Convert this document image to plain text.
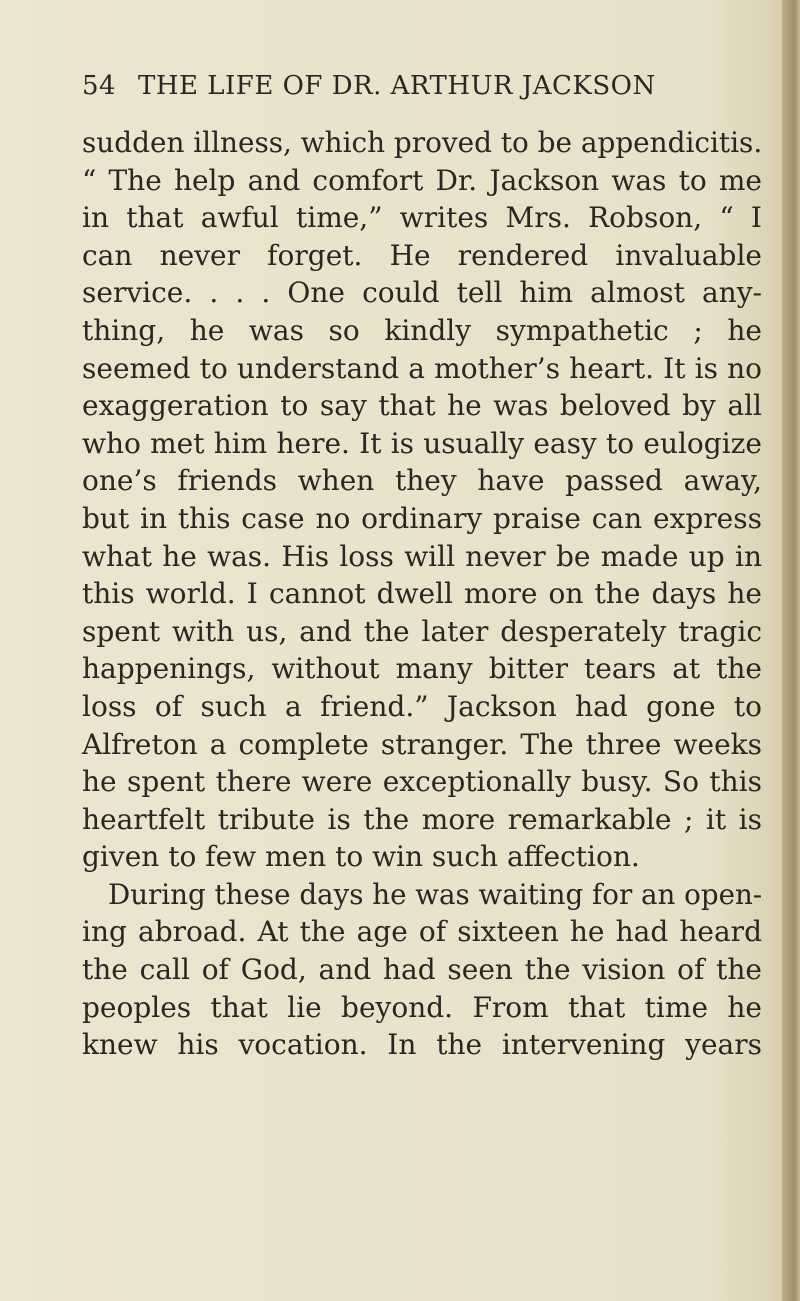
54 THE LIFE OF DR. ARTHUR JACKSON
sudden illness, which proved to be appendicitis.
“ The help and comfort Dr. Jackson was to me
in that awful time,” writes Mrs. Robson, “ I
can never forget. He rendered invaluable
service. . . . One could tell him almost any-
thing, he was so kindly sympathetic ; he
seemed to understand a mother’s heart. It is no
exaggeration to say that he was beloved by all
who met him here. It is usually easy to eulogize
one’s friends when they have passed away,
but in this case no ordinary praise can express
what he was. His loss will never be made up in
this world. I cannot dwell more on the days he
spent with us, and the later desperately tragic
happenings, without many bitter tears at the
loss of such a friend.” Jackson had gone to
Alfreton a complete stranger. The three weeks
he spent there were exceptionally busy. So this
heartfelt tribute is the more remarkable ; it is
given to few men to win such affection.
During these days he was waiting for an open-
ing abroad. At the age of sixteen he had heard
the call of God, and had seen the vision of the
peoples that lie beyond. From that time he
knew his vocation. In the intervening years
